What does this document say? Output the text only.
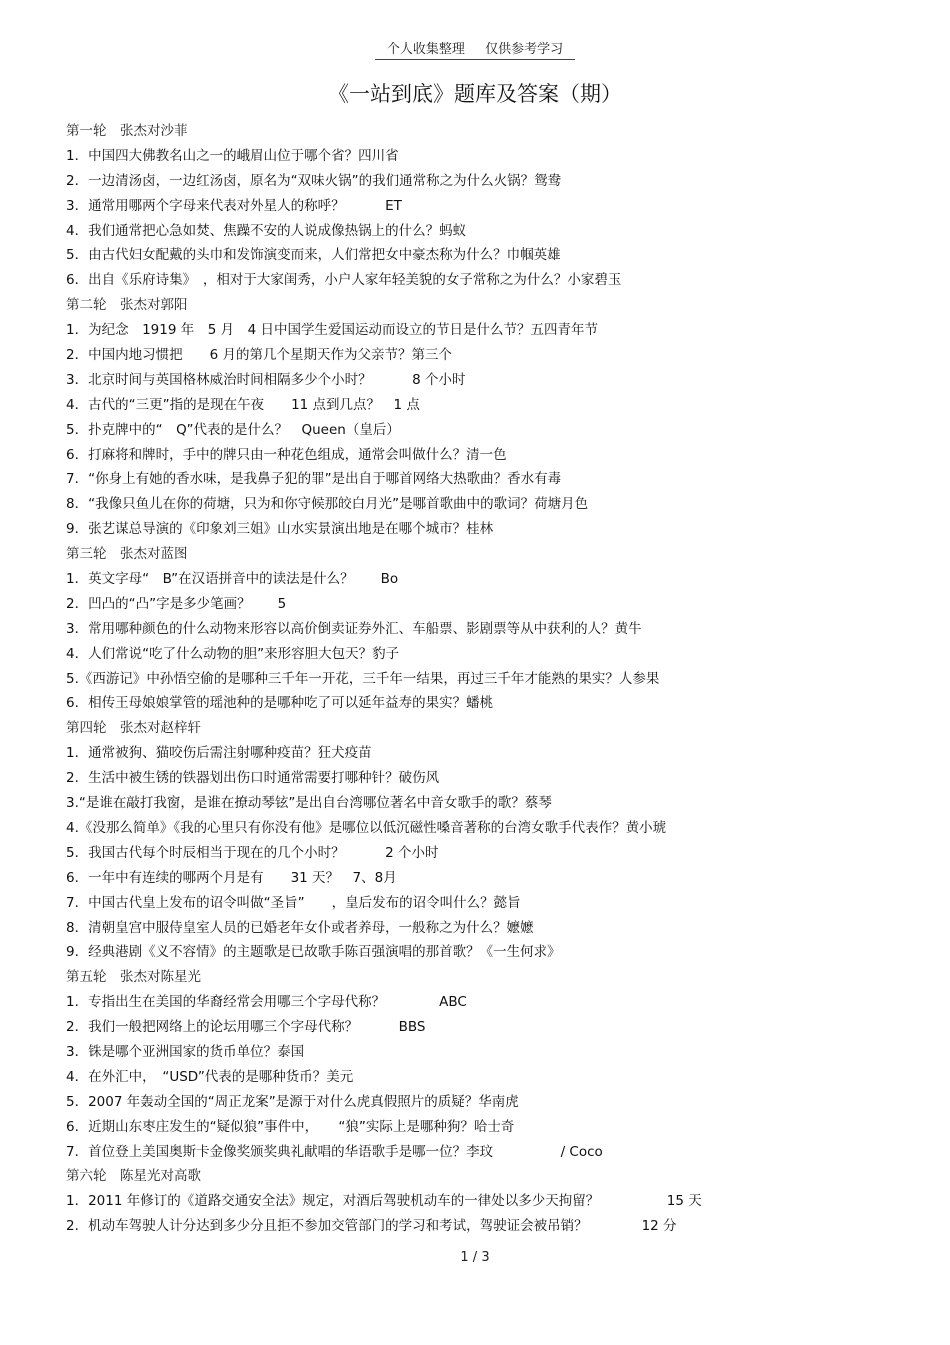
个人收集整理 仅供参考学习
《一站到底》题库及答案（期）
第一轮　张杰对沙菲
1．中国四大佛教名山之一的峨眉山位于哪个省？四川省
2．一边清汤卤，一边红汤卤，原名为“双味火锅”的我们通常称之为什么火锅？鸳鸯
3．通常用哪两个字母来代表对外星人的称呼？　　　ET
4．我们通常把心急如焚、焦躁不安的人说成像热锅上的什么？蚂蚁
5．由古代妇女配戴的头巾和发饰演变而来，人们常把女中豪杰称为什么？巾帼英雄
6．出自《乐府诗集》　，相对于大家闺秀，小户人家年轻美貌的女子常称之为什么？小家碧玉
第二轮　张杰对郭阳
1．为纪念　1919 年　5 月　4 日中国学生爱国运动而设立的节日是什么节？五四青年节
2．中国内地习惯把　　6 月的第几个星期天作为父亲节？第三个
3．北京时间与英国格林威治时间相隔多少个小时？　　　8 个小时
4．古代的“三更”指的是现在午夜　　11 点到几点？　1 点
5．扑克牌中的“　Q”代表的是什么？　Queen（皇后）
6．打麻将和牌时，手中的牌只由一种花色组成，通常会叫做什么？清一色
7．“你身上有她的香水味，是我鼻子犯的罪”是出自于哪首网络大热歌曲？香水有毒
8．“我像只鱼儿在你的荷塘，只为和你守候那皎白月光”是哪首歌曲中的歌词？荷塘月色
9．张艺谋总导演的《印象刘三姐》山水实景演出地是在哪个城市？桂林
第三轮　张杰对蓝图
1．英文字母“　B”在汉语拼音中的读法是什么？　　Bo
2．凹凸的“凸”字是多少笔画？　　5
3．常用哪种颜色的什么动物来形容以高价倒卖证券外汇、车船票、影剧票等从中获利的人？黄牛
4．人们常说“吃了什么动物的胆”来形容胆大包天？豹子
5.《西游记》中孙悟空偷的是哪种三千年一开花，三千年一结果，再过三千年才能熟的果实？人参果
6．相传王母娘娘掌管的瑶池种的是哪种吃了可以延年益寿的果实？蟠桃
第四轮　张杰对赵梓轩
1．通常被狗、猫咬伤后需注射哪种疫苗？狂犬疫苗
2．生活中被生锈的铁器划出伤口时通常需要打哪种针？破伤风
3.“是谁在敲打我窗，是谁在撩动琴铉”是出自台湾哪位著名中音女歌手的歌？蔡琴
4.《没那么简单》《我的心里只有你没有他》是哪位以低沉磁性嗓音著称的台湾女歌手代表作？黄小琥
5．我国古代每个时辰相当于现在的几个小时？　　　2 个小时
6．一年中有连续的哪两个月是有　　31 天？　7、8月
7．中国古代皇上发布的诏令叫做“圣旨”　　，皇后发布的诏令叫什么？懿旨
8．清朝皇宫中服侍皇室人员的已婚老年女仆或者养母，一般称之为什么？嬷嬷
9．经典港剧《义不容情》的主题歌是已故歌手陈百强演唱的那首歌？《一生何求》
第五轮　张杰对陈星光
1．专指出生在美国的华裔经常会用哪三个字母代称？　　　　ABC
2．我们一般把网络上的论坛用哪三个字母代称？　　　BBS
3．铢是哪个亚洲国家的货币单位？泰国
4．在外汇中，　“USD”代表的是哪种货币？美元
5．2007 年轰动全国的“周正龙案”是源于对什么虎真假照片的质疑？华南虎
6．近期山东枣庄发生的“疑似狼”事件中，　　“狼”实际上是哪种狗？哈士奇
7．首位登上美国奥斯卡金像奖颁奖典礼献唱的华语歌手是哪一位？李玟　　　　　/ Coco
第六轮　陈星光对高歌
1．2011 年修订的《道路交通安全法》规定，对酒后驾驶机动车的一律处以多少天拘留？　　　　　15 天
2．机动车驾驶人计分达到多少分且拒不参加交管部门的学习和考试，驾驶证会被吊销？　　　　12 分
1 / 3
